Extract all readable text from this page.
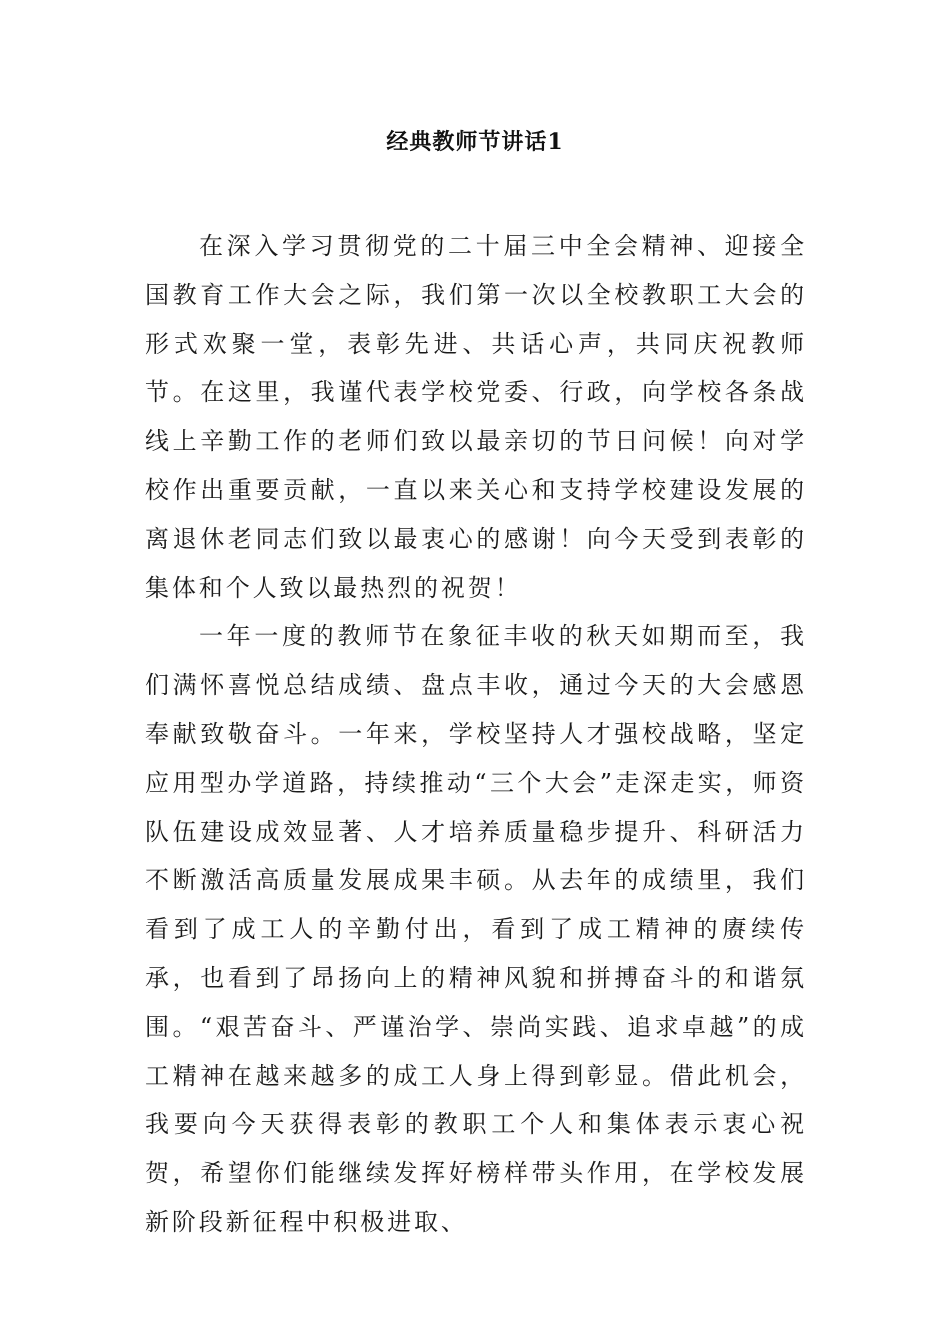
经典教师节讲话1

在深入学习贯彻党的二十届三中全会精神、迎接全国教育工作大会之际，我们第一次以全校教职工大会的形式欢聚一堂，表彰先进、共话心声，共同庆祝教师节。在这里，我谨代表学校党委、行政，向学校各条战线上辛勤工作的老师们致以最亲切的节日问候！向对学校作出重要贡献，一直以来关心和支持学校建设发展的离退休老同志们致以最衷心的感谢！向今天受到表彰的集体和个人致以最热烈的祝贺！

一年一度的教师节在象征丰收的秋天如期而至，我们满怀喜悦总结成绩、盘点丰收，通过今天的大会感恩奉献致敬奋斗。一年来，学校坚持人才强校战略，坚定应用型办学道路，持续推动“三个大会”走深走实，师资队伍建设成效显著、人才培养质量稳步提升、科研活力不断激活高质量发展成果丰硕。从去年的成绩里，我们看到了成工人的辛勤付出，看到了成工精神的赓续传承，也看到了昂扬向上的精神风貌和拼搏奋斗的和谐氛围。“艰苦奋斗、严谨治学、崇尚实践、追求卓越”的成工精神在越来越多的成工人身上得到彰显。借此机会，我要向今天获得表彰的教职工个人和集体表示衷心祝贺，希望你们能继续发挥好榜样带头作用，在学校发展新阶段新征程中积极进取、
